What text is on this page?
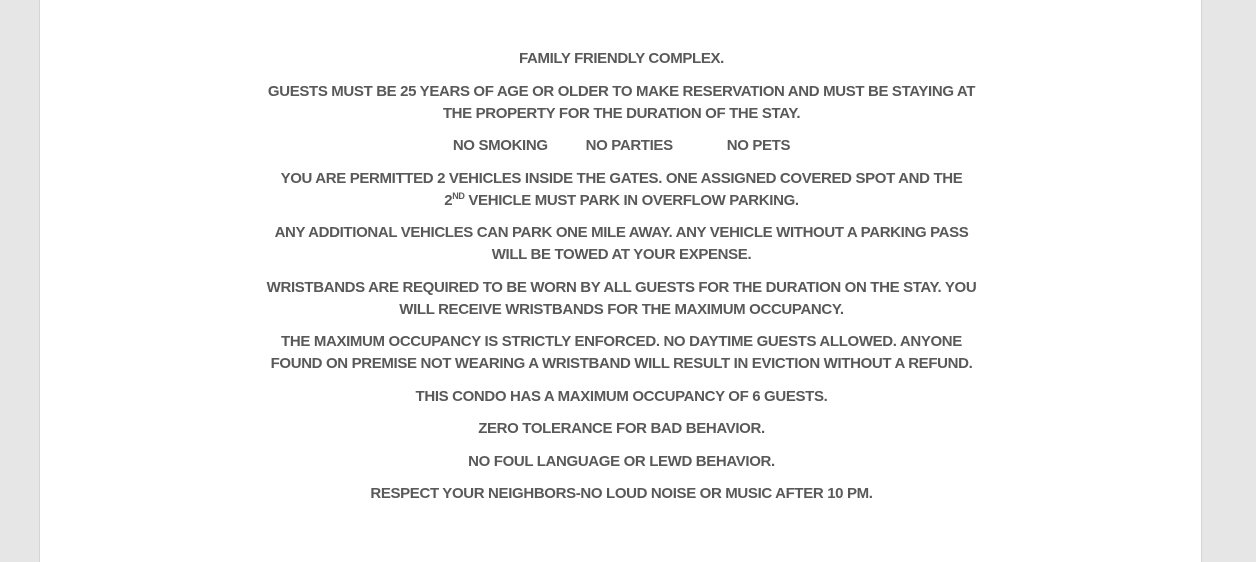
FAMILY FRIENDLY COMPLEX.

GUESTS MUST BE 25 YEARS OF AGE OR OLDER TO MAKE RESERVATION AND MUST BE STAYING AT
THE PROPERTY FOR THE DURATION OF THE STAY.

NO SMOKING	NO PARTIES	NO PETS

YOU ARE PERMITTED 2 VEHICLES INSIDE THE GATES. ONE ASSIGNED COVERED SPOT AND THE
2ND VEHICLE MUST PARK IN OVERFLOW PARKING.

ANY ADDITIONAL VEHICLES CAN PARK ONE MILE AWAY. ANY VEHICLE WITHOUT A PARKING PASS
WILL BE TOWED AT YOUR EXPENSE.

WRISTBANDS ARE REQUIRED TO BE WORN BY ALL GUESTS FOR THE DURATION ON THE STAY. YOU
WILL RECEIVE WRISTBANDS FOR THE MAXIMUM OCCUPANCY.

THE MAXIMUM OCCUPANCY IS STRICTLY ENFORCED. NO DAYTIME GUESTS ALLOWED. ANYONE
FOUND ON PREMISE NOT WEARING A WRISTBAND WILL RESULT IN EVICTION WITHOUT A REFUND.

THIS CONDO HAS A MAXIMUM OCCUPANCY OF 6 GUESTS.

ZERO TOLERANCE FOR BAD BEHAVIOR.

NO FOUL LANGUAGE OR LEWD BEHAVIOR.

RESPECT YOUR NEIGHBORS-NO LOUD NOISE OR MUSIC AFTER 10 PM.
